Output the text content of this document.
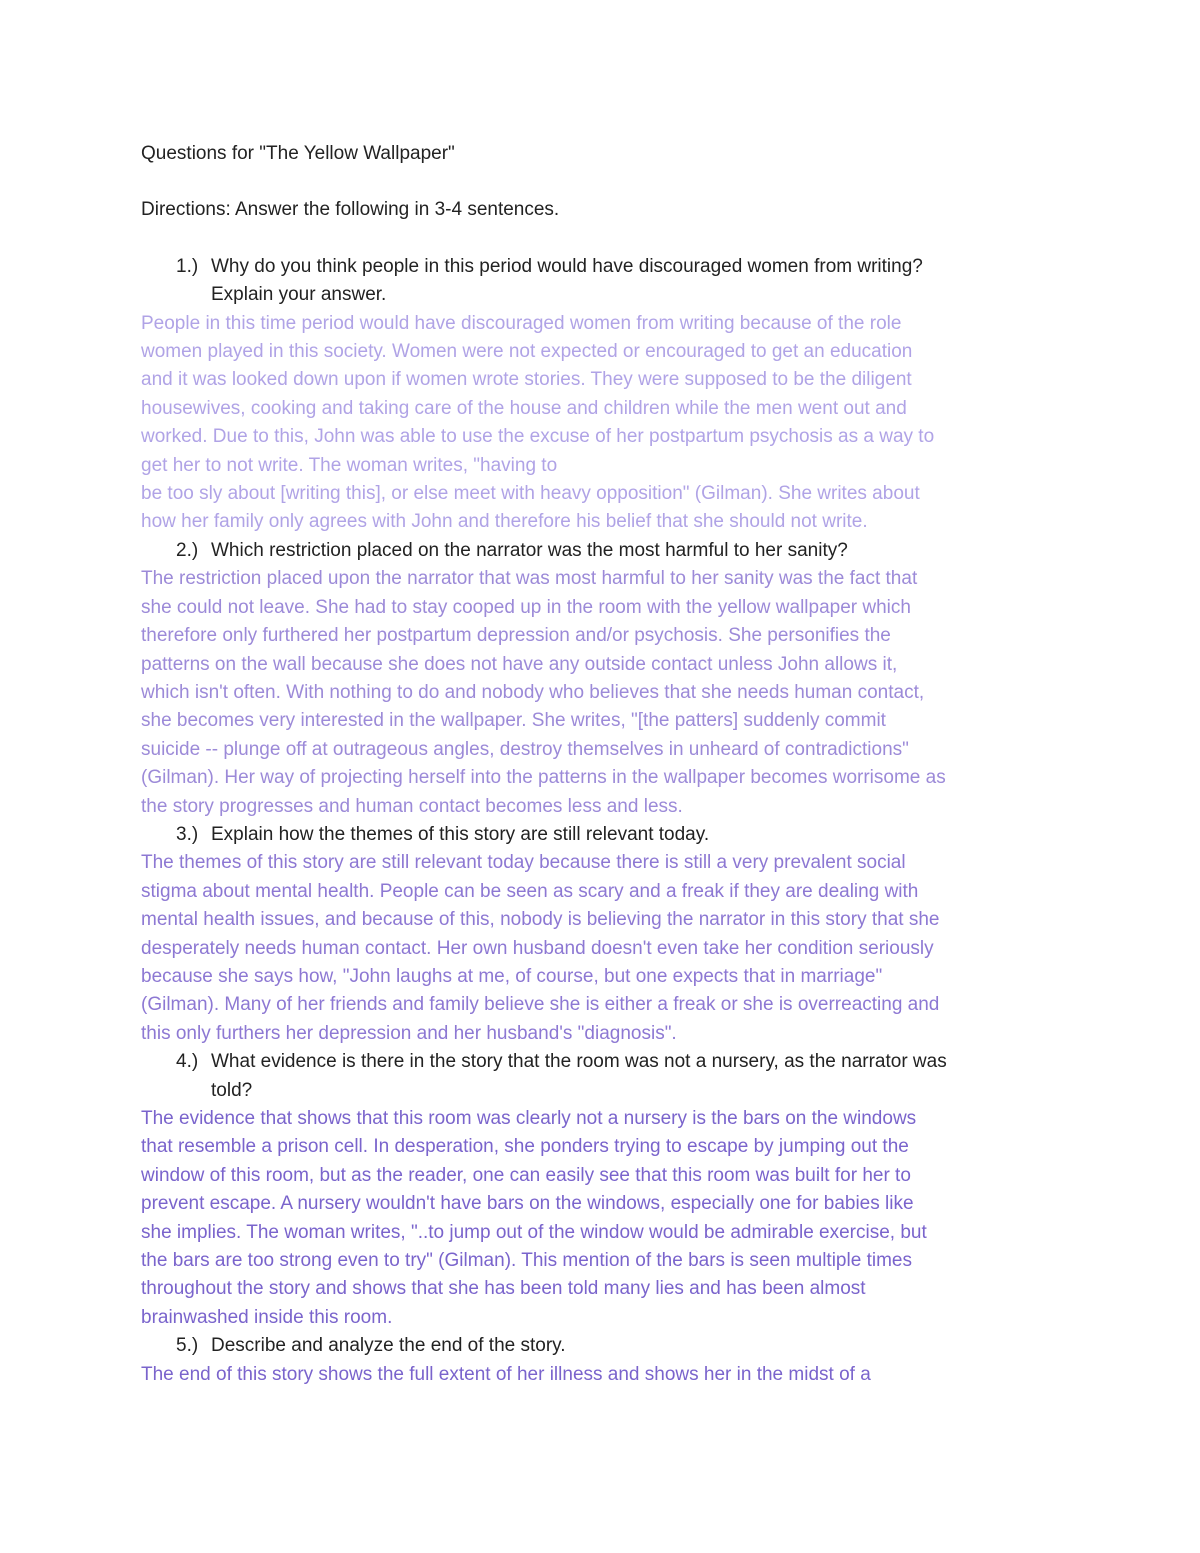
Questions for "The Yellow Wallpaper"
Directions: Answer the following in 3-4 sentences.
1.) Why do you think people in this period would have discouraged women from writing?
Explain your answer.
People in this time period would have discouraged women from writing because of the role
women played in this society. Women were not expected or encouraged to get an education
and it was looked down upon if women wrote stories. They were supposed to be the diligent
housewives, cooking and taking care of the house and children while the men went out and
worked. Due to this, John was able to use the excuse of her postpartum psychosis as a way to
get her to not write. The woman writes, "having to
be too sly about [writing this], or else meet with heavy opposition" (Gilman). She writes about
how her family only agrees with John and therefore his belief that she should not write.
2.) Which restriction placed on the narrator was the most harmful to her sanity?
The restriction placed upon the narrator that was most harmful to her sanity was the fact that
she could not leave. She had to stay cooped up in the room with the yellow wallpaper which
therefore only furthered her postpartum depression and/or psychosis. She personifies the
patterns on the wall because she does not have any outside contact unless John allows it,
which isn't often. With nothing to do and nobody who believes that she needs human contact,
she becomes very interested in the wallpaper. She writes, "[the patters] suddenly commit
suicide -- plunge off at outrageous angles, destroy themselves in unheard of contradictions"
(Gilman). Her way of projecting herself into the patterns in the wallpaper becomes worrisome as
the story progresses and human contact becomes less and less.
3.) Explain how the themes of this story are still relevant today.
The themes of this story are still relevant today because there is still a very prevalent social
stigma about mental health. People can be seen as scary and a freak if they are dealing with
mental health issues, and because of this, nobody is believing the narrator in this story that she
desperately needs human contact. Her own husband doesn't even take her condition seriously
because she says how, "John laughs at me, of course, but one expects that in marriage"
(Gilman). Many of her friends and family believe she is either a freak or she is overreacting and
this only furthers her depression and her husband's "diagnosis".
4.) What evidence is there in the story that the room was not a nursery, as the narrator was
told?
The evidence that shows that this room was clearly not a nursery is the bars on the windows
that resemble a prison cell. In desperation, she ponders trying to escape by jumping out the
window of this room, but as the reader, one can easily see that this room was built for her to
prevent escape. A nursery wouldn't have bars on the windows, especially one for babies like
she implies. The woman writes, "..to jump out of the window would be admirable exercise, but
the bars are too strong even to try" (Gilman). This mention of the bars is seen multiple times
throughout the story and shows that she has been told many lies and has been almost
brainwashed inside this room.
5.) Describe and analyze the end of the story.
The end of this story shows the full extent of her illness and shows her in the midst of a
